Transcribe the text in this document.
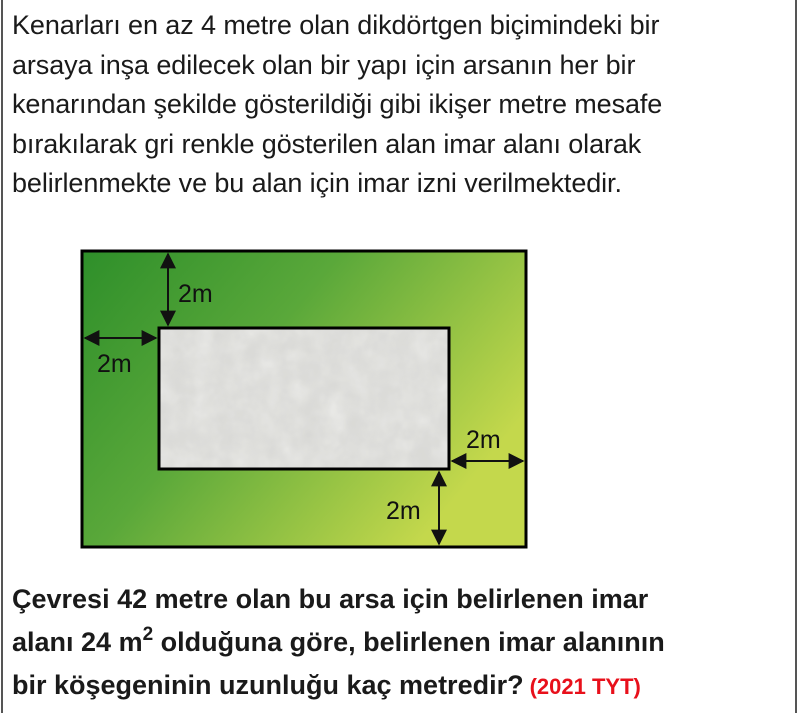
Kenarları en az 4 metre olan dikdörtgen biçimindeki bir
arsaya inşa edilecek olan bir yapı için arsanın her bir
kenarından şekilde gösterildiği gibi ikişer metre mesafe
bırakılarak gri renkle gösterilen alan imar alanı olarak
belirlenmekte ve bu alan için imar izni verilmektedir.

2m
2m
2m
2m

Çevresi 42 metre olan bu arsa için belirlenen imar
alanı 24 $m^2$ olduğuna göre, belirlenen imar alanının
bir köşegeninin uzunluğu kaç metredir? (2021 TYT)
